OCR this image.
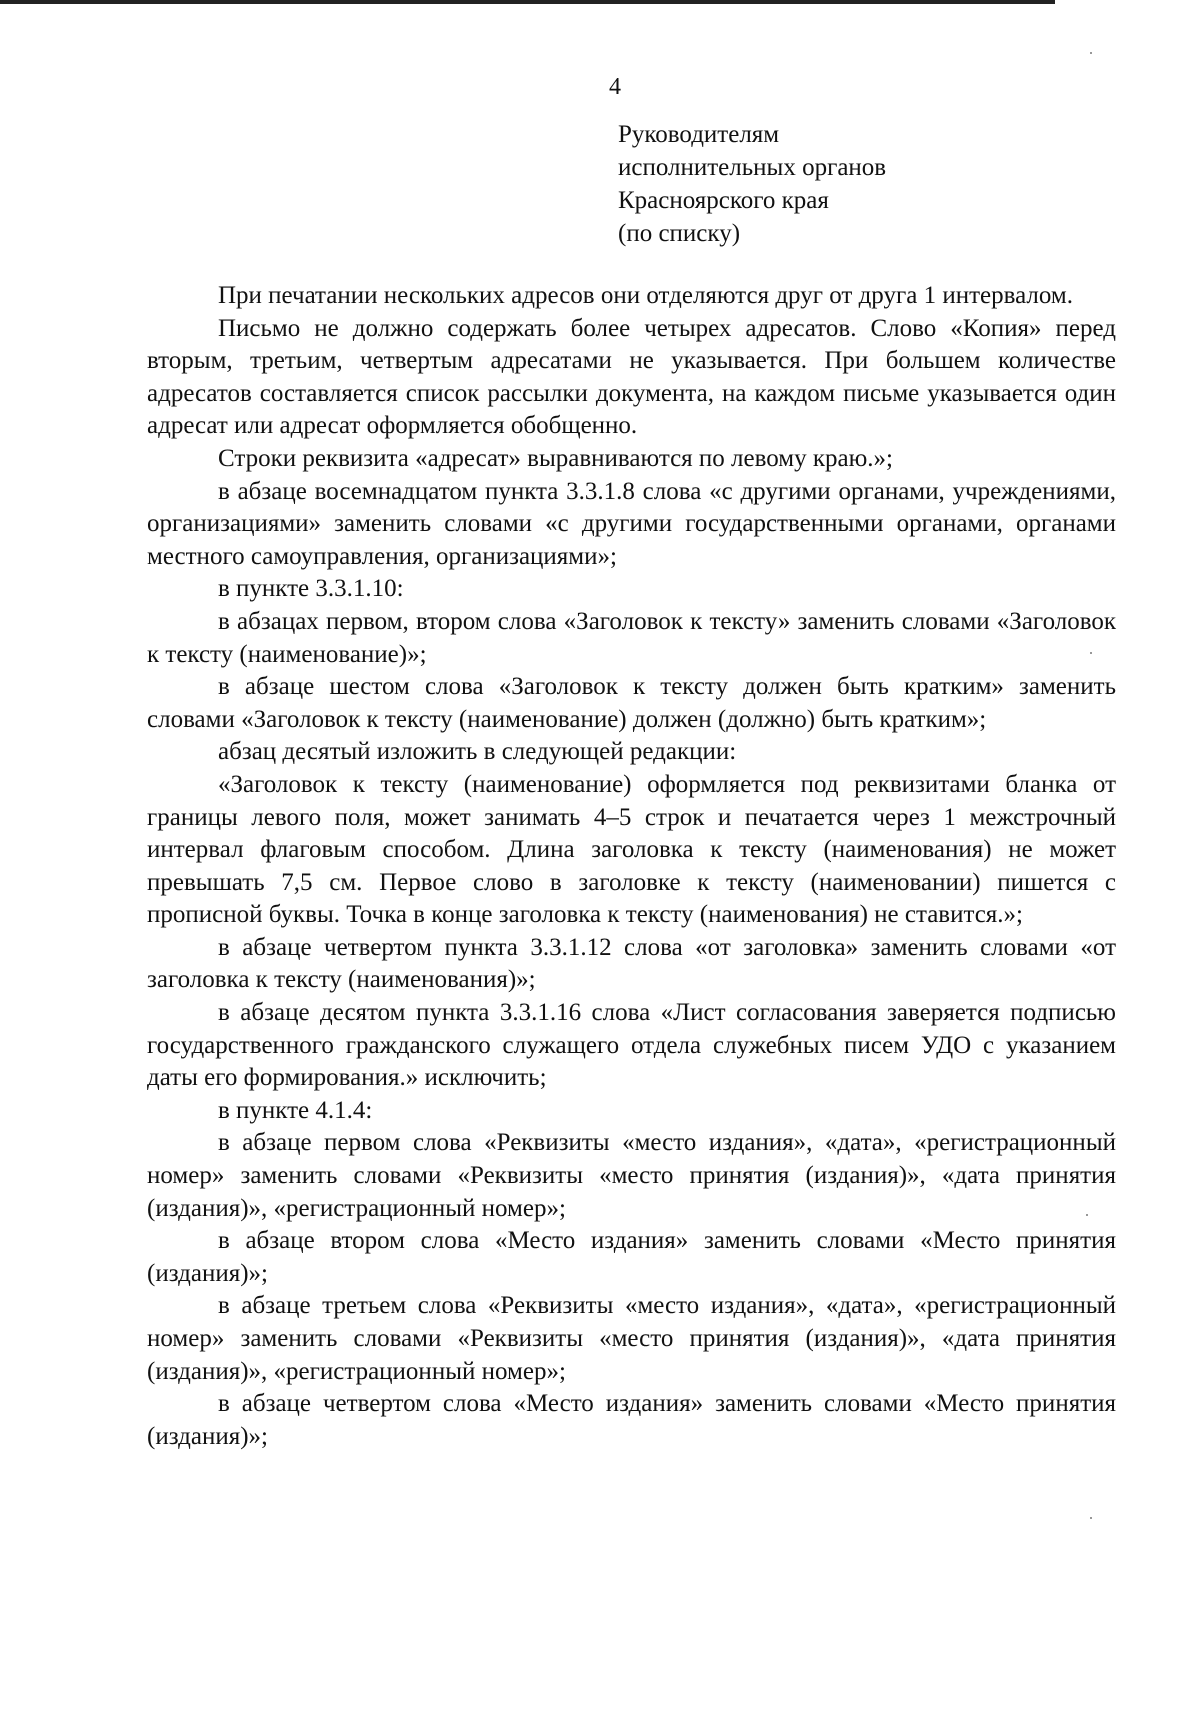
4
Руководителям
исполнительных органов
Красноярского края
(по списку)

При печатании нескольких адресов они отделяются друг от друга 1 интервалом.

Письмо не должно содержать более четырех адресатов. Слово «Копия» перед вторым, третьим, четвертым адресатами не указывается. При большем количестве адресатов составляется список рассылки документа, на каждом письме указывается один адресат или адресат оформляется обобщенно.

Строки реквизита «адресат» выравниваются по левому краю.»;

в абзаце восемнадцатом пункта 3.3.1.8 слова «с другими органами, учреждениями, организациями» заменить словами «с другими государственными органами, органами местного самоуправления, организациями»;

в пункте 3.3.1.10:

в абзацах первом, втором слова «Заголовок к тексту» заменить словами «Заголовок к тексту (наименование)»;

в абзаце шестом слова «Заголовок к тексту должен быть кратким» заменить словами «Заголовок к тексту (наименование) должен (должно) быть кратким»;

абзац десятый изложить в следующей редакции:

«Заголовок к тексту (наименование) оформляется под реквизитами бланка от границы левого поля, может занимать 4–5 строк и печатается через 1 межстрочный интервал флаговым способом. Длина заголовка к тексту (наименования) не может превышать 7,5 см. Первое слово в заголовке к тексту (наименовании) пишется с прописной буквы. Точка в конце заголовка к тексту (наименования) не ставится.»;

в абзаце четвертом пункта 3.3.1.12 слова «от заголовка» заменить словами «от заголовка к тексту (наименования)»;

в абзаце десятом пункта 3.3.1.16 слова «Лист согласования заверяется подписью государственного гражданского служащего отдела служебных писем УДО с указанием даты его формирования.» исключить;

в пункте 4.1.4:

в абзаце первом слова «Реквизиты «место издания», «дата», «регистрационный номер» заменить словами «Реквизиты «место принятия (издания)», «дата принятия (издания)», «регистрационный номер»;

в абзаце втором слова «Место издания» заменить словами «Место принятия (издания)»;

в абзаце третьем слова «Реквизиты «место издания», «дата», «регистрационный номер» заменить словами «Реквизиты «место принятия (издания)», «дата принятия (издания)», «регистрационный номер»;

в абзаце четвертом слова «Место издания» заменить словами «Место принятия (издания)»;
